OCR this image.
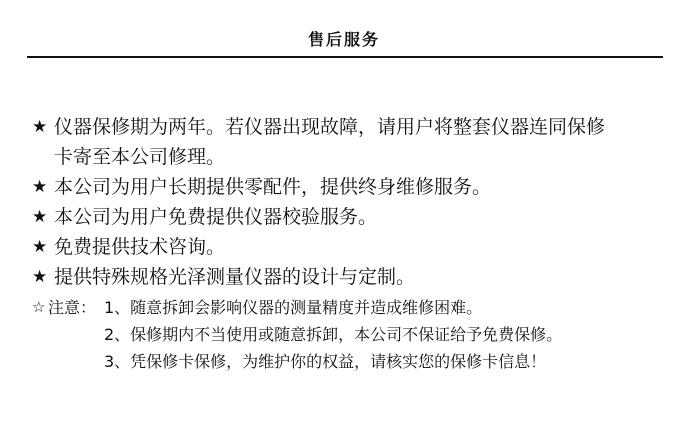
售后服务
★ 仪器保修期为两年。若仪器出现故障，请用户将整套仪器连同保修
卡寄至本公司修理。
★ 本公司为用户长期提供零配件，提供终身维修服务。
★ 本公司为用户免费提供仪器校验服务。
★ 免费提供技术咨询。
★ 提供特殊规格光泽测量仪器的设计与定制。
☆ 注意： 1、随意拆卸会影响仪器的测量精度并造成维修困难。
2、保修期内不当使用或随意拆卸，本公司不保证给予免费保修。
3、凭保修卡保修，为维护你的权益，请核实您的保修卡信息！
